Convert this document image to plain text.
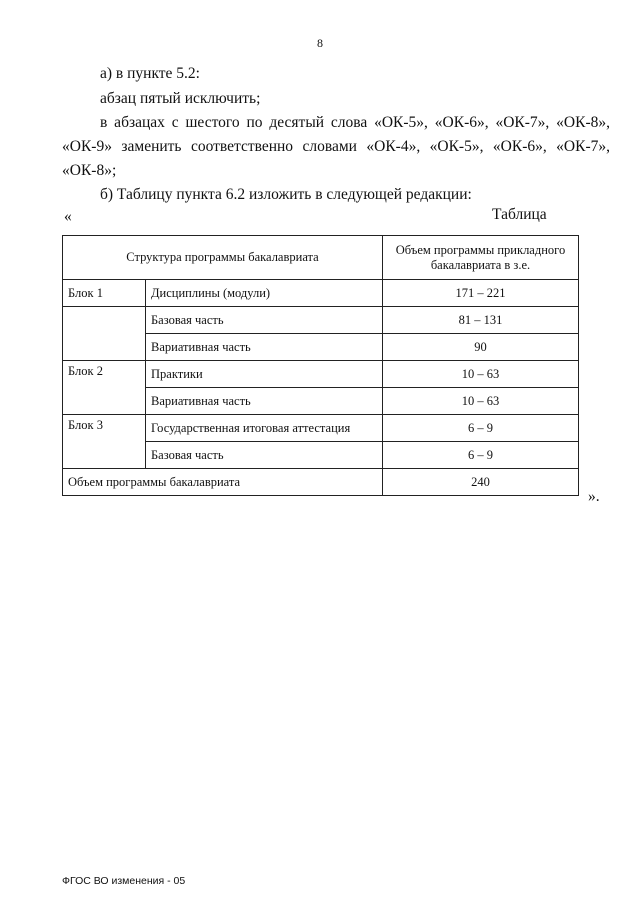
8

а) в пункте 5.2:

абзац пятый исключить;

в абзацах с шестого по десятый слова «ОК-5», «ОК-6», «ОК-7», «ОК-8», «ОК-9» заменить соответственно словами «ОК-4», «ОК-5», «ОК-6», «ОК-7», «ОК-8»;

б) Таблицу пункта 6.2 изложить в следующей редакции:

«	Таблица
Структура программы бакалавриата		Объем программы прикладного бакалавриата в з.е.
Блок 1	Дисциплины (модули)	171 – 221
	Базовая часть	81 – 131
	Вариативная часть	90
Блок 2	Практики	10 – 63
	Вариативная часть	10 – 63
Блок 3	Государственная итоговая аттестация	6 – 9
	Базовая часть	6 – 9
Объем программы бакалавриата		240
».
ФГОС ВО изменения - 05
